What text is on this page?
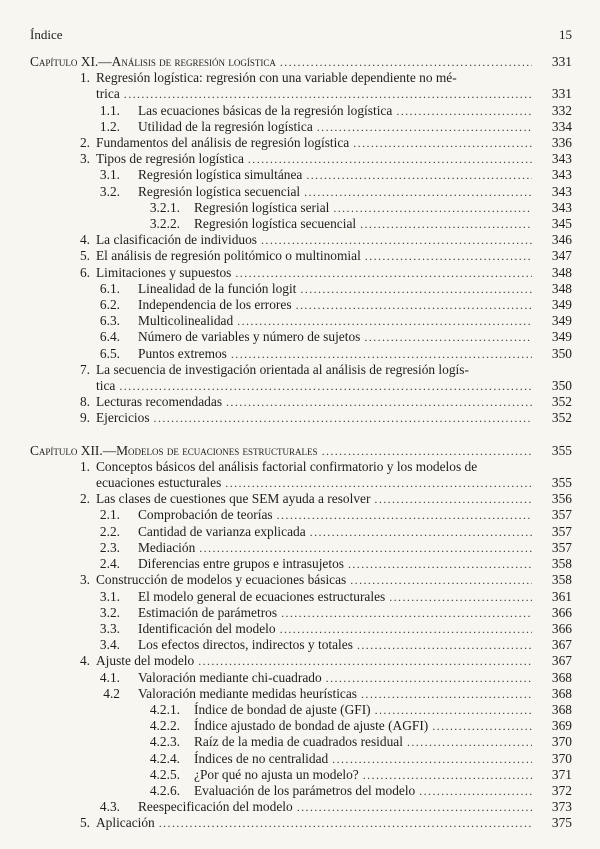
Índice	15
Capítulo XI.—Análisis de regresión logística .....	331
1. Regresión logística: regresión con una variable dependiente no mé-
trica .....	331
1.1. Las ecuaciones básicas de la regresión logística .....	332
1.2. Utilidad de la regresión logística .....	334
2. Fundamentos del análisis de regresión logística .....	336
3. Tipos de regresión logística .....	343
3.1. Regresión logística simultánea .....	343
3.2. Regresión logística secuencial .....	343
3.2.1. Regresión logística serial .....	343
3.2.2. Regresión logística secuencial .....	345
4. La clasificación de individuos .....	346
5. El análisis de regresión politómico o multinomial .....	347
6. Limitaciones y supuestos .....	348
6.1. Linealidad de la función logit .....	348
6.2. Independencia de los errores .....	349
6.3. Multicolinealidad .....	349
6.4. Número de variables y número de sujetos .....	349
6.5. Puntos extremos .....	350
7. La secuencia de investigación orientada al análisis de regresión logís-
tica .....	350
8. Lecturas recomendadas .....	352
9. Ejercicios .....	352
Capítulo XII.—Modelos de ecuaciones estructurales .....	355
1. Conceptos básicos del análisis factorial confirmatorio y los modelos de
ecuaciones estucturales .....	355
2. Las clases de cuestiones que SEM ayuda a resolver .....	356
2.1. Comprobación de teorías .....	357
2.2. Cantidad de varianza explicada .....	357
2.3. Mediación .....	357
2.4. Diferencias entre grupos e intrasujetos .....	358
3. Construcción de modelos y ecuaciones básicas .....	358
3.1. El modelo general de ecuaciones estructurales .....	361
3.2. Estimación de parámetros .....	366
3.3. Identificación del modelo .....	366
3.4. Los efectos directos, indirectos y totales .....	367
4. Ajuste del modelo .....	367
4.1. Valoración mediante chi-cuadrado .....	368
4.2 Valoración mediante medidas heurísticas .....	368
4.2.1. Índice de bondad de ajuste (GFI) .....	368
4.2.2. Índice ajustado de bondad de ajuste (AGFI) .....	369
4.2.3. Raíz de la media de cuadrados residual .....	370
4.2.4. Índices de no centralidad .....	370
4.2.5. ¿Por qué no ajusta un modelo? .....	371
4.2.6. Evaluación de los parámetros del modelo .....	372
4.3. Reespecificación del modelo .....	373
5. Aplicación .....	375
